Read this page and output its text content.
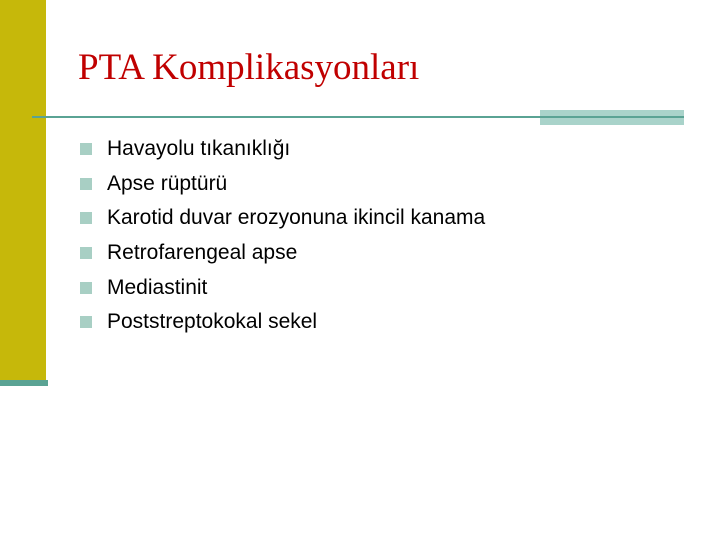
PTA Komplikasyonları
Havayolu tıkanıklığı
Apse rüptürü
Karotid duvar erozyonuna ikincil kanama
Retrofarengeal apse
Mediastinit
Poststreptokokal sekel
